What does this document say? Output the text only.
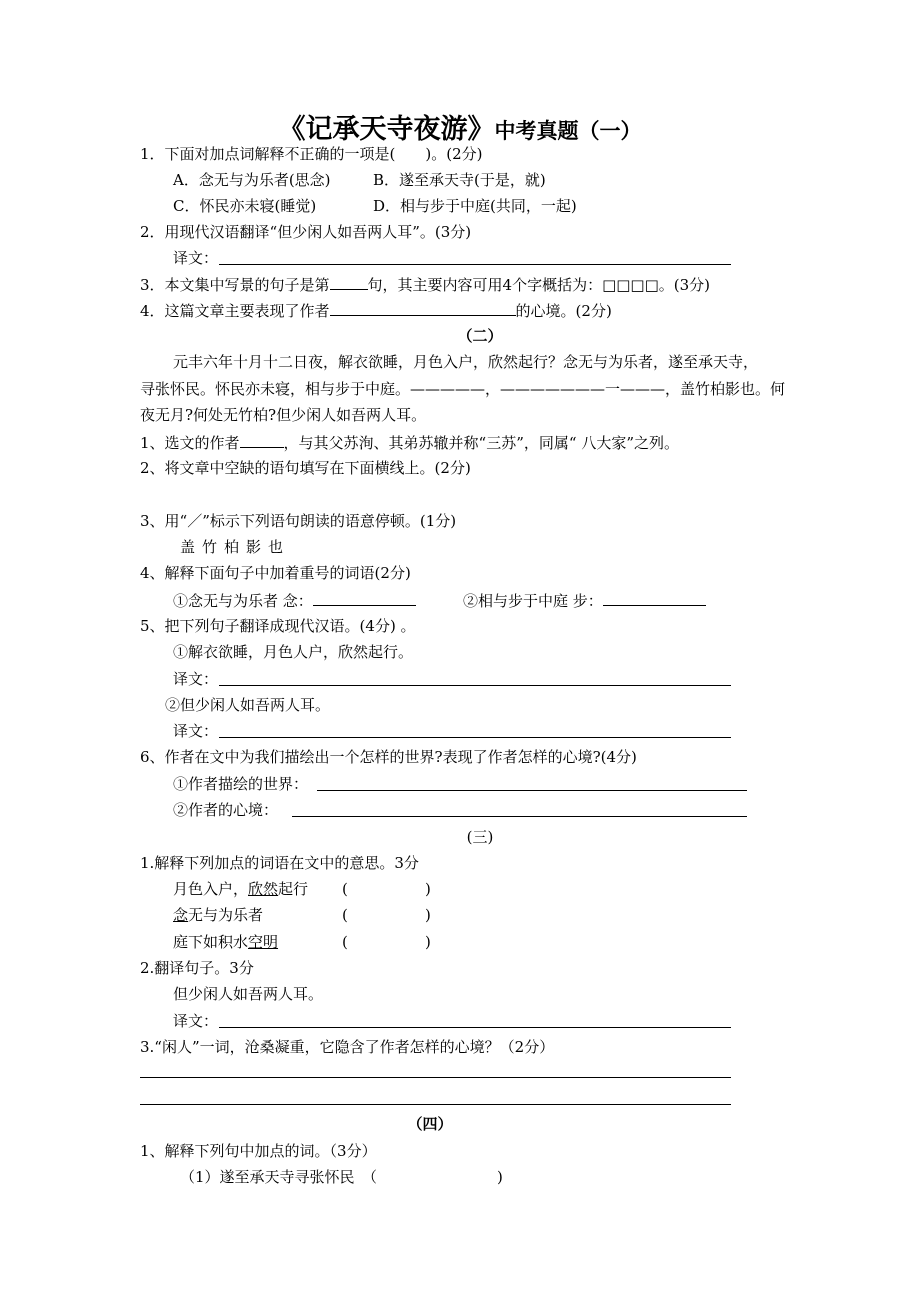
《记承天寺夜游》中考真题（一）
1．下面对加点词解释不正确的一项是(　　)。(2分)
A．念无与为乐者(思念)	B．遂至承天寺(于是，就)
C．怀民亦未寝(睡觉)	D．相与步于中庭(共同，一起)
2．用现代汉语翻译“但少闲人如吾两人耳”。(3分)
译文：
3．本文集中写景的句子是第	句，其主要内容可用4个字概括为：□□□□。(3分)
4．这篇文章主要表现了作者	的心境。(2分)
（二）
元丰六年十月十二日夜，解衣欲睡，月色入户，欣然起行？念无与为乐者，遂至承天寺，
寻张怀民。怀民亦未寝，相与步于中庭。—————，———————一———，盖竹柏影也。何
夜无月?何处无竹柏?但少闲人如吾两人耳。
1、选文的作者	，与其父苏洵、其弟苏辙并称“三苏”，同属“ 八大家”之列。
2、将文章中空缺的语句填写在下面横线上。(2分)
3、用“／”标示下列语句朗读的语意停顿。(1分)
盖竹柏影也
4、解释下面句子中加着重号的词语(2分)
①念无与为乐者 念：	②相与步于中庭 步：
5、把下列句子翻译成现代汉语。(4分) 。
①解衣欲睡，月色人户，欣然起行。
译文：
②但少闲人如吾两人耳。
译文：
6、作者在文中为我们描绘出一个怎样的世界?表现了作者怎样的心境?(4分)
①作者描绘的世界：
②作者的心境：
(三)
1.解释下列加点的词语在文中的意思。3分
月色入户，欣然起行 (	)
念无与为乐者	(	)
庭下如积水空明	(	)
2.翻译句子。3分
但少闲人如吾两人耳。
译文：
3.“闲人”一词，沧桑凝重，它隐含了作者怎样的心境？（2分）
（四）
1、解释下列句中加点的词。（3分）
（1）遂至承天寺寻张怀民　（	)
